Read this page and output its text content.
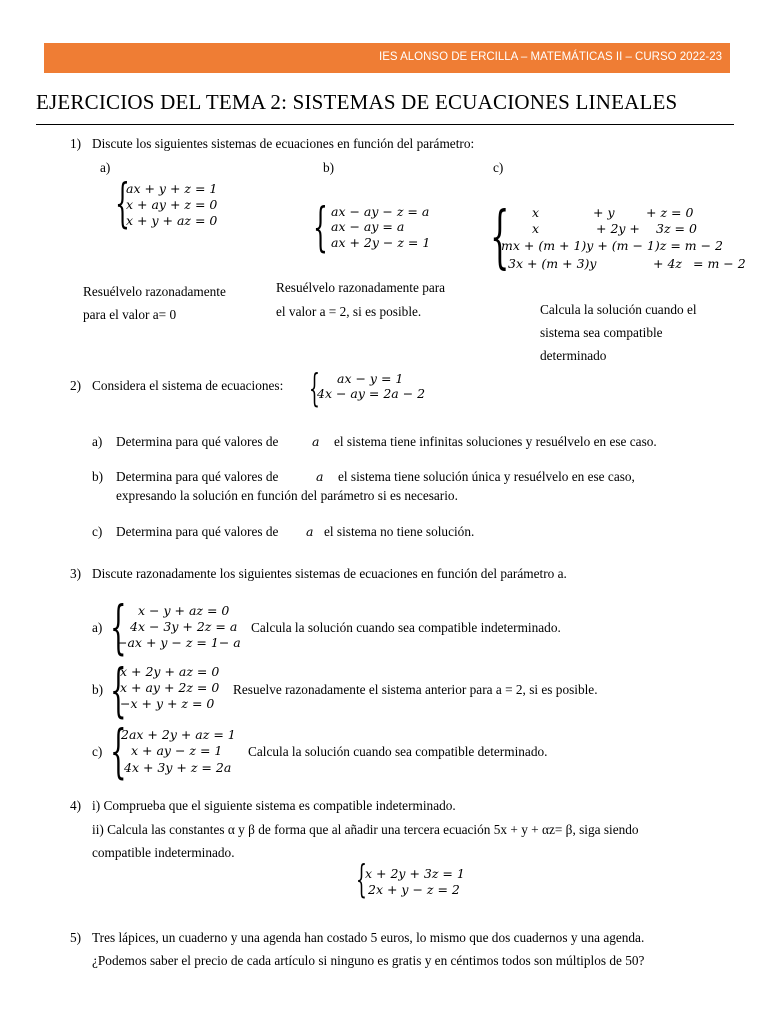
IES ALONSO DE ERCILLA – MATEMÁTICAS II – CURSO 2022-23
EJERCICIOS DEL TEMA 2: SISTEMAS DE ECUACIONES LINEALES
1) Discute los siguientes sistemas de ecuaciones en función del parámetro:
a)
{
ax + y + z = 1
x + ay + z = 0
x + y + az = 0
Resuélvelo razonadamente
para el valor a= 0
b)
{ ax − ay − z = a
ax − ay = a
ax + 2y − z = 1
Resuélvelo razonadamente para
el valor a = 2, si es posible.
c)
{ x	+ y	+ z = 0
x	+ 2y + 3z = 0
mx + (m + 1)y + (m − 1)z = m − 2
3x + (m + 3)y	+ 4z = m − 2
Calcula la solución cuando el
sistema sea compatible
determinado
2) Considera el sistema de ecuaciones: { ax − y = 1
4x − ay = 2a − 2
a) Determina para qué valores de	a el sistema tiene infinitas soluciones y resuélvelo en ese caso.
b) Determina para qué valores de	a el sistema tiene solución única y resuélvelo en ese caso,
expresando la solución en función del parámetro si es necesario.
c) Determina para qué valores de a el sistema no tiene solución.
3) Discute razonadamente los siguientes sistemas de ecuaciones en función del parámetro a.
a) { x − y + az = 0
4x − 3y + 2z = a
−ax + y − z = 1− a
Calcula la solución cuando sea compatible indeterminado.
b) {
x + 2y + az = 0
x + ay + 2z = 0
−x + y + z = 0
Resuelve razonadamente el sistema anterior para a = 2, si es posible.
c) {
2ax + 2y + az = 1
x + ay − z = 1
4x + 3y + z = 2a
Calcula la solución cuando sea compatible determinado.
4) i) Comprueba que el siguiente sistema es compatible indeterminado.
ii) Calcula las constantes α y β de forma que al añadir una tercera ecuación 5x + y + αz= β, siga siendo
compatible indeterminado.
{
x + 2y + 3z = 1
2x + y − z = 2
5) Tres lápices, un cuaderno y una agenda han costado 5 euros, lo mismo que dos cuadernos y una agenda.
¿Podemos saber el precio de cada artículo si ninguno es gratis y en céntimos todos son múltiplos de 50?
